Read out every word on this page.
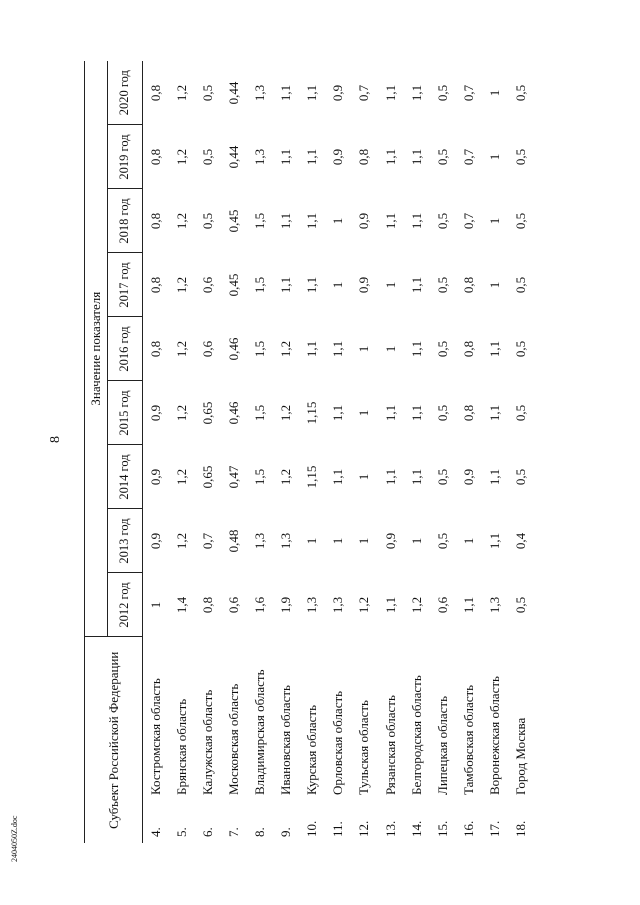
8
2404050Z.doc
Субъект Российской Федерации		Значение показателя								
		2012 год	2013 год	2014 год	2015 год	2016 год	2017 год	2018 год	2019 год	2020 год
4.	Костромская область	1	0,9	0,9	0,9	0,8	0,8	0,8	0,8	0,8
5.	Брянская область	1,4	1,2	1,2	1,2	1,2	1,2	1,2	1,2	1,2
6.	Калужская область	0,8	0,7	0,65	0,65	0,6	0,6	0,5	0,5	0,5
7.	Московская область	0,6	0,48	0,47	0,46	0,46	0,45	0,45	0,44	0,44
8.	Владимирская область	1,6	1,3	1,5	1,5	1,5	1,5	1,5	1,3	1,3
9.	Ивановская область	1,9	1,3	1,2	1,2	1,2	1,1	1,1	1,1	1,1
10.	Курская область	1,3	1	1,15	1,15	1,1	1,1	1,1	1,1	1,1
11.	Орловская область	1,3	1	1,1	1,1	1,1	1	1	0,9	0,9
12.	Тульская область	1,2	1	1	1	1	0,9	0,9	0,8	0,7
13.	Рязанская область	1,1	0,9	1,1	1,1	1	1	1,1	1,1	1,1
14.	Белгородская область	1,2	1	1,1	1,1	1,1	1,1	1,1	1,1	1,1
15.	Липецкая область	0,6	0,5	0,5	0,5	0,5	0,5	0,5	0,5	0,5
16.	Тамбовская область	1,1	1	0,9	0,8	0,8	0,8	0,7	0,7	0,7
17.	Воронежская область	1,3	1,1	1,1	1,1	1,1	1	1	1	1
18.	Город Москва	0,5	0,4	0,5	0,5	0,5	0,5	0,5	0,5	0,5
